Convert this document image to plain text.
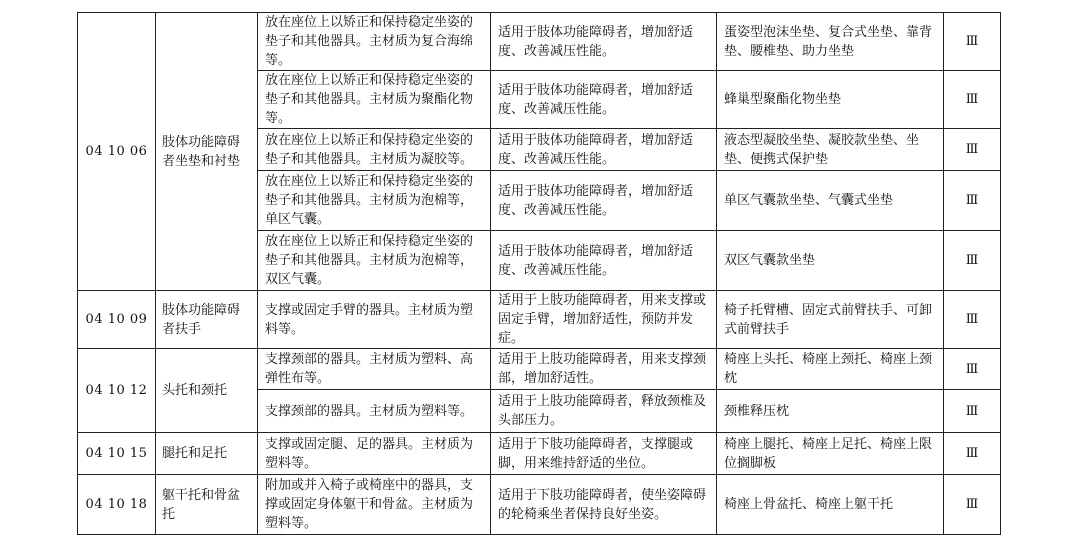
04 10 06	肢体功能障碍者坐垫和衬垫	放在座位上以矫正和保持稳定坐姿的垫子和其他器具。主材质为复合海绵等。	适用于肢体功能障碍者，增加舒适度、改善减压性能。	蛋姿型泡沫坐垫、复合式坐垫、靠背垫、腰椎垫、助力坐垫	Ⅲ
		放在座位上以矫正和保持稳定坐姿的垫子和其他器具。主材质为聚酯化物等。	适用于肢体功能障碍者，增加舒适度、改善减压性能。	蜂巢型聚酯化物坐垫	Ⅲ
		放在座位上以矫正和保持稳定坐姿的垫子和其他器具。主材质为凝胶等。	适用于肢体功能障碍者，增加舒适度、改善减压性能。	液态型凝胶坐垫、凝胶款坐垫、坐垫、便携式保护垫	Ⅲ
		放在座位上以矫正和保持稳定坐姿的垫子和其他器具。主材质为泡棉等，单区气囊。	适用于肢体功能障碍者，增加舒适度、改善减压性能。	单区气囊款坐垫、气囊式坐垫	Ⅲ
		放在座位上以矫正和保持稳定坐姿的垫子和其他器具。主材质为泡棉等，双区气囊。	适用于肢体功能障碍者，增加舒适度、改善减压性能。	双区气囊款坐垫	Ⅲ
04 10 09	肢体功能障碍者扶手	支撑或固定手臂的器具。主材质为塑料等。	适用于上肢功能障碍者，用来支撑或固定手臂，增加舒适性，预防并发症。	椅子托臂槽、固定式前臂扶手、可卸式前臂扶手	Ⅲ
04 10 12	头托和颈托	支撑颈部的器具。主材质为塑料、高弹性布等。	适用于上肢功能障碍者，用来支撑颈部，增加舒适性。	椅座上头托、椅座上颈托、椅座上颈枕	Ⅲ
		支撑颈部的器具。主材质为塑料等。	适用于上肢功能障碍者，释放颈椎及头部压力。	颈椎释压枕	Ⅲ
04 10 15	腿托和足托	支撑或固定腿、足的器具。主材质为塑料等。	适用于下肢功能障碍者，支撑腿或脚，用来维持舒适的坐位。	椅座上腿托、椅座上足托、椅座上限位搁脚板	Ⅲ
04 10 18	躯干托和骨盆托	附加或并入椅子或椅座中的器具，支撑或固定身体躯干和骨盆。主材质为塑料等。	适用于下肢功能障碍者，使坐姿障碍的轮椅乘坐者保持良好坐姿。	椅座上骨盆托、椅座上躯干托	Ⅲ
